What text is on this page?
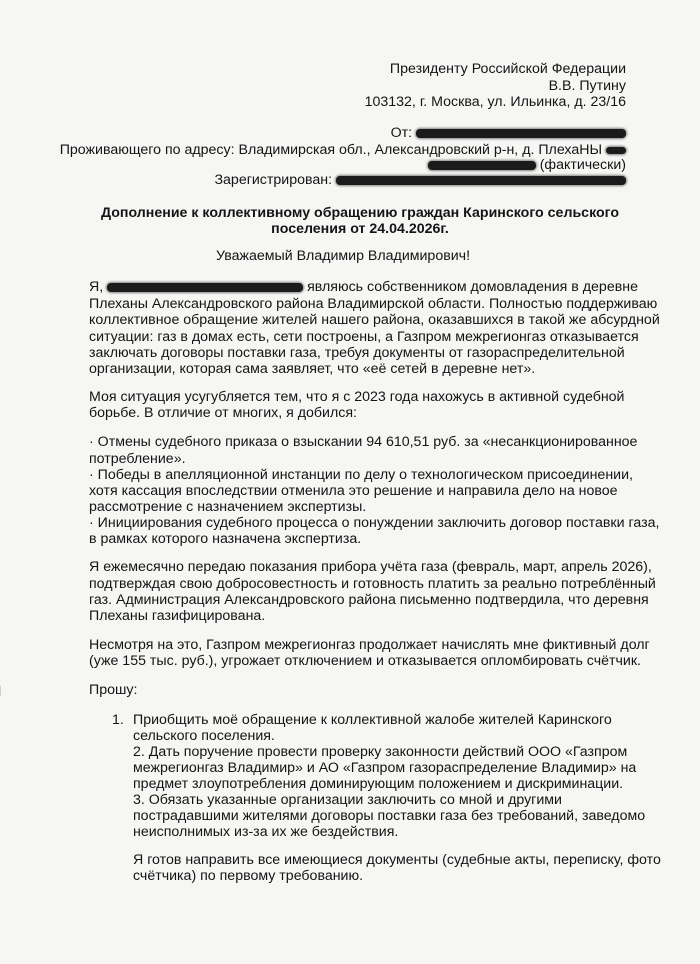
Президенту Российской Федерации

В.В. Путину

103132, г. Москва, ул. Ильинка, д. 23/16

От:

Проживающего по адресу: Владимирская обл., Александровский р-н, д. ПлехаНЫ

(фактически)

Зарегистрирован:

Дополнение к коллективному обращению граждан Каринского сельского

поселения от 24.04.2026г.

Уважаемый Владимир Владимирович!

Я,	являюсь собственником домовладения в деревне

Плеханы Александровского района Владимирской области. Полностью поддерживаю

коллективное обращение жителей нашего района, оказавшихся в такой же абсурдной

ситуации: газ в домах есть, сети построены, а Газпром межрегионгаз отказывается

заключать договоры поставки газа, требуя документы от газораспределительной

организации, которая сама заявляет, что «её сетей в деревне нет».

Моя ситуация усугубляется тем, что я с 2023 года нахожусь в активной судебной

борьбе. В отличие от многих, я добился:

· Отмены судебного приказа о взыскании 94 610,51 руб. за «несанкционированное

потребление».

· Победы в апелляционной инстанции по делу о технологическом присоединении,

хотя кассация впоследствии отменила это решение и направила дело на новое

рассмотрение с назначением экспертизы.

· Инициирования судебного процесса о понуждении заключить договор поставки газа,

в рамках которого назначена экспертиза.

Я ежемесячно передаю показания прибора учёта газа (февраль, март, апрель 2026),

подтверждая свою добросовестность и готовность платить за реально потреблённый

газ. Администрация Александровского района письменно подтвердила, что деревня

Плеханы газифицирована.

Несмотря на это, Газпром межрегионгаз продолжает начислять мне фиктивный долг

(уже 155 тыс. руб.), угрожает отключением и отказывается опломбировать счётчик.

Прошу:

1. Приобщить моё обращение к коллективной жалобе жителей Каринского

сельского поселения.

2. Дать поручение провести проверку законности действий ООО «Газпром

межрегионгаз Владимир» и АО «Газпром газораспределение Владимир» на

предмет злоупотребления доминирующим положением и дискриминации.

3. Обязать указанные организации заключить со мной и другими

пострадавшими жителями договоры поставки газа без требований, заведомо

неисполнимых из-за их же бездействия.

Я готов направить все имеющиеся документы (судебные акты, переписку, фото

счётчика) по первому требованию.
